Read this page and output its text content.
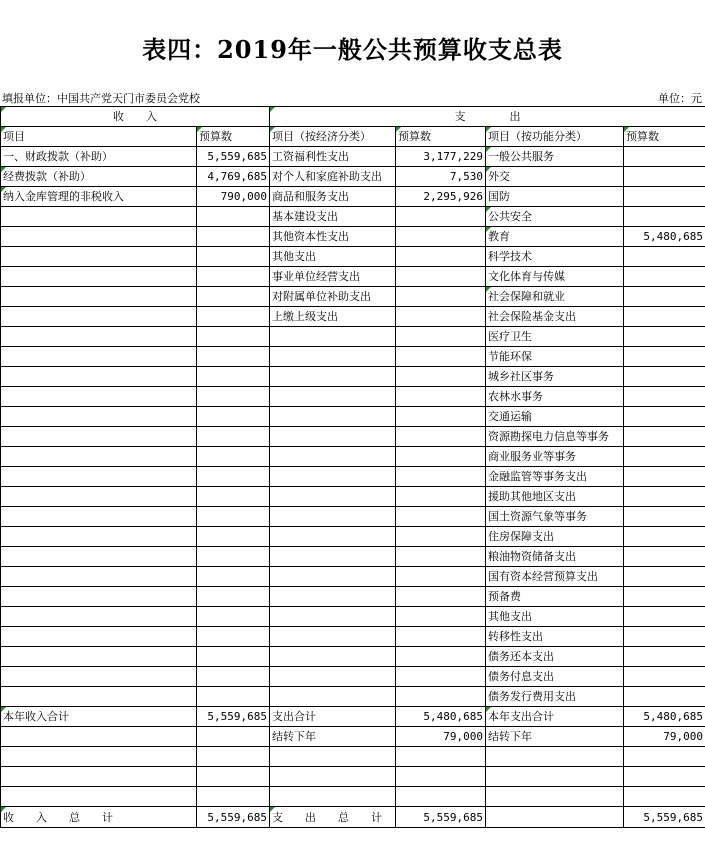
表四：2019年一般公共预算收支总表
填报单位：中国共产党天门市委员会党校	单位：元
收　　入		支　　　　出			
项目	预算数	项目（按经济分类）	预算数	项目（按功能分类）	预算数
一、财政拨款（补助）	5,559,685	工资福利性支出	3,177,229	一般公共服务	
经费拨款（补助）	4,769,685	对个人和家庭补助支出	7,530	外交	
纳入金库管理的非税收入	790,000	商品和服务支出	2,295,926	国防	
		基本建设支出		公共安全	
		其他资本性支出		教育	5,480,685
		其他支出		科学技术	
		事业单位经营支出		文化体育与传媒	
		对附属单位补助支出		社会保障和就业	
		上缴上级支出		社会保险基金支出	
				医疗卫生	
				节能环保	
				城乡社区事务	
				农林水事务	
				交通运输	
				资源勘探电力信息等事务	
				商业服务业等事务	
				金融监管等事务支出	
				援助其他地区支出	
				国土资源气象等事务	
				住房保障支出	
				粮油物资储备支出	
				国有资本经营预算支出	
				预备费	
				其他支出	
				转移性支出	
				债务还本支出	
				债务付息支出	
				债务发行费用支出	
本年收入合计	5,559,685	支出合计	5,480,685	本年支出合计	5,480,685
		结转下年	79,000	结转下年	79,000

收　　入　　总　　计	5,559,685	支　　出　　总　　计	5,559,685		5,559,685
